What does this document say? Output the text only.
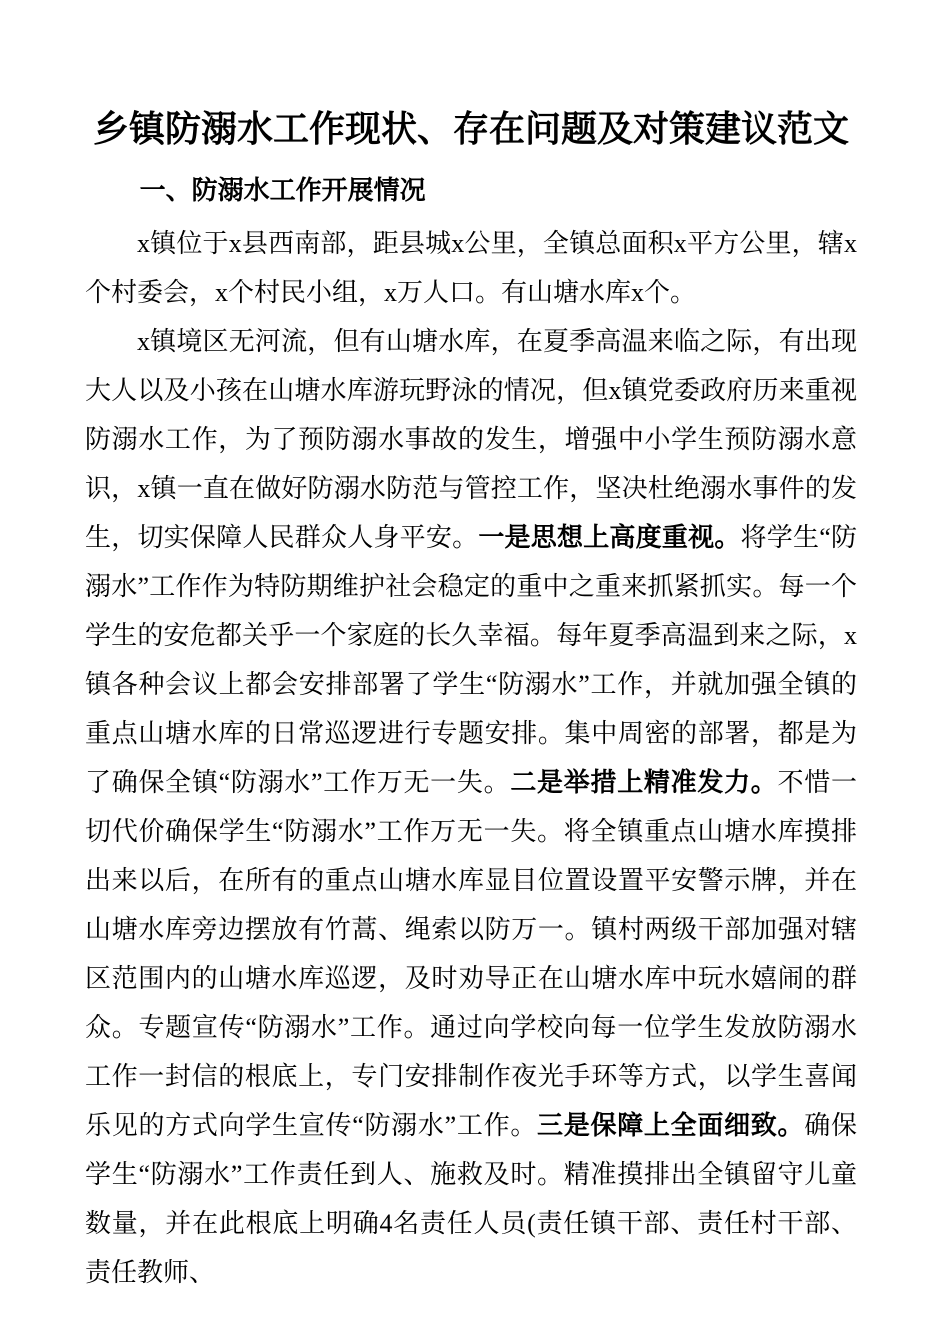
乡镇防溺水工作现状、存在问题及对策建议范文
一、防溺水工作开展情况

x镇位于x县西南部，距县城x公里，全镇总面积x平方公里，辖x个村委会，x个村民小组，x万人口。有山塘水库x个。

x镇境区无河流，但有山塘水库，在夏季高温来临之际，有出现大人以及小孩在山塘水库游玩野泳的情况，但x镇党委政府历来重视防溺水工作，为了预防溺水事故的发生，增强中小学生预防溺水意识，x镇一直在做好防溺水防范与管控工作，坚决杜绝溺水事件的发生，切实保障人民群众人身平安。一是思想上高度重视。将学生“防溺水”工作作为特防期维护社会稳定的重中之重来抓紧抓实。每一个学生的安危都关乎一个家庭的长久幸福。每年夏季高温到来之际，x镇各种会议上都会安排部署了学生“防溺水”工作，并就加强全镇的重点山塘水库的日常巡逻进行专题安排。集中周密的部署，都是为了确保全镇“防溺水”工作万无一失。二是举措上精准发力。不惜一切代价确保学生“防溺水”工作万无一失。将全镇重点山塘水库摸排出来以后，在所有的重点山塘水库显目位置设置平安警示牌，并在山塘水库旁边摆放有竹蒿、绳索以防万一。镇村两级干部加强对辖区范围内的山塘水库巡逻，及时劝导正在山塘水库中玩水嬉闹的群众。专题宣传“防溺水”工作。通过向学校向每一位学生发放防溺水工作一封信的根底上，专门安排制作夜光手环等方式，以学生喜闻乐见的方式向学生宣传“防溺水”工作。三是保障上全面细致。确保学生“防溺水”工作责任到人、施救及时。精准摸排出全镇留守儿童数量，并在此根底上明确4名责任人员(责任镇干部、责任村干部、责任教师、
